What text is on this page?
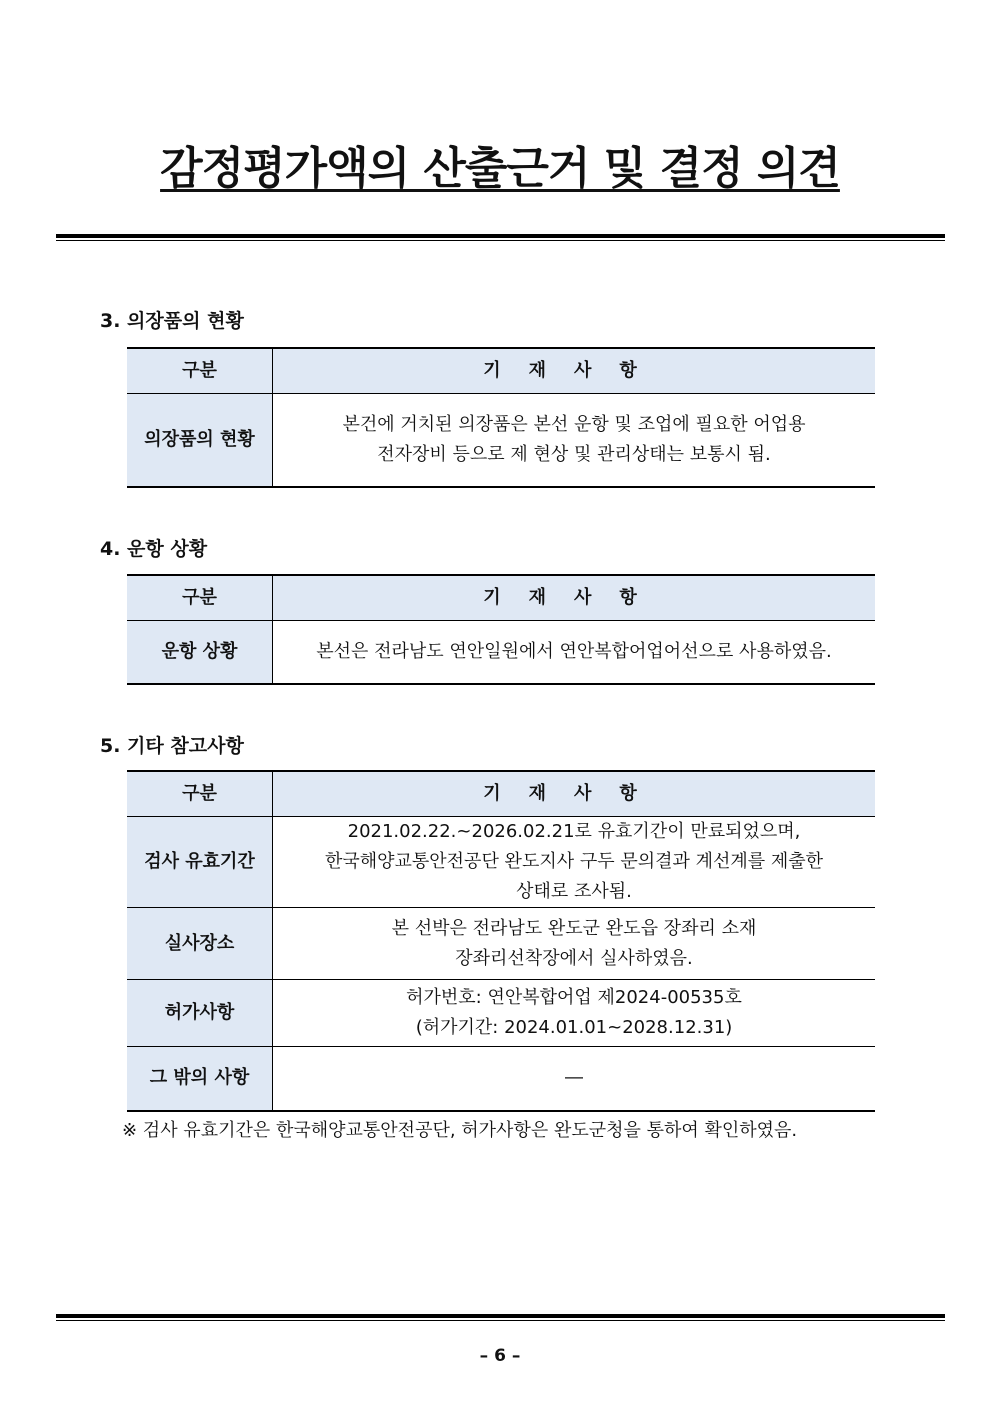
감정평가액의 산출근거 및 결정 의견
3. 의장품의 현황
구분	기재사항
의장품의 현황	본건에 거치된 의장품은 본선 운항 및 조업에 필요한 어업용
전자장비 등으로 제 현상 및 관리상태는 보통시 됨.
4. 운항 상황
구분	기재사항
운항 상황	본선은 전라남도 연안일원에서 연안복합어업어선으로 사용하였음.
5. 기타 참고사항
구분	기재사항
검사 유효기간	2021.02.22.~2026.02.21로 유효기간이 만료되었으며,
한국해양교통안전공단 완도지사 구두 문의결과 계선계를 제출한
상태로 조사됨.

실사장소	본 선박은 전라남도 완도군 완도읍 장좌리 소재
장좌리선착장에서 실사하였음.

허가사항	허가번호: 연안복합어업 제2024-00535호
(허가기간: 2024.01.01~2028.12.31)

그 밖의 사항	―
※ 검사 유효기간은 한국해양교통안전공단, 허가사항은 완도군청을 통하여 확인하였음.
– 6 –
